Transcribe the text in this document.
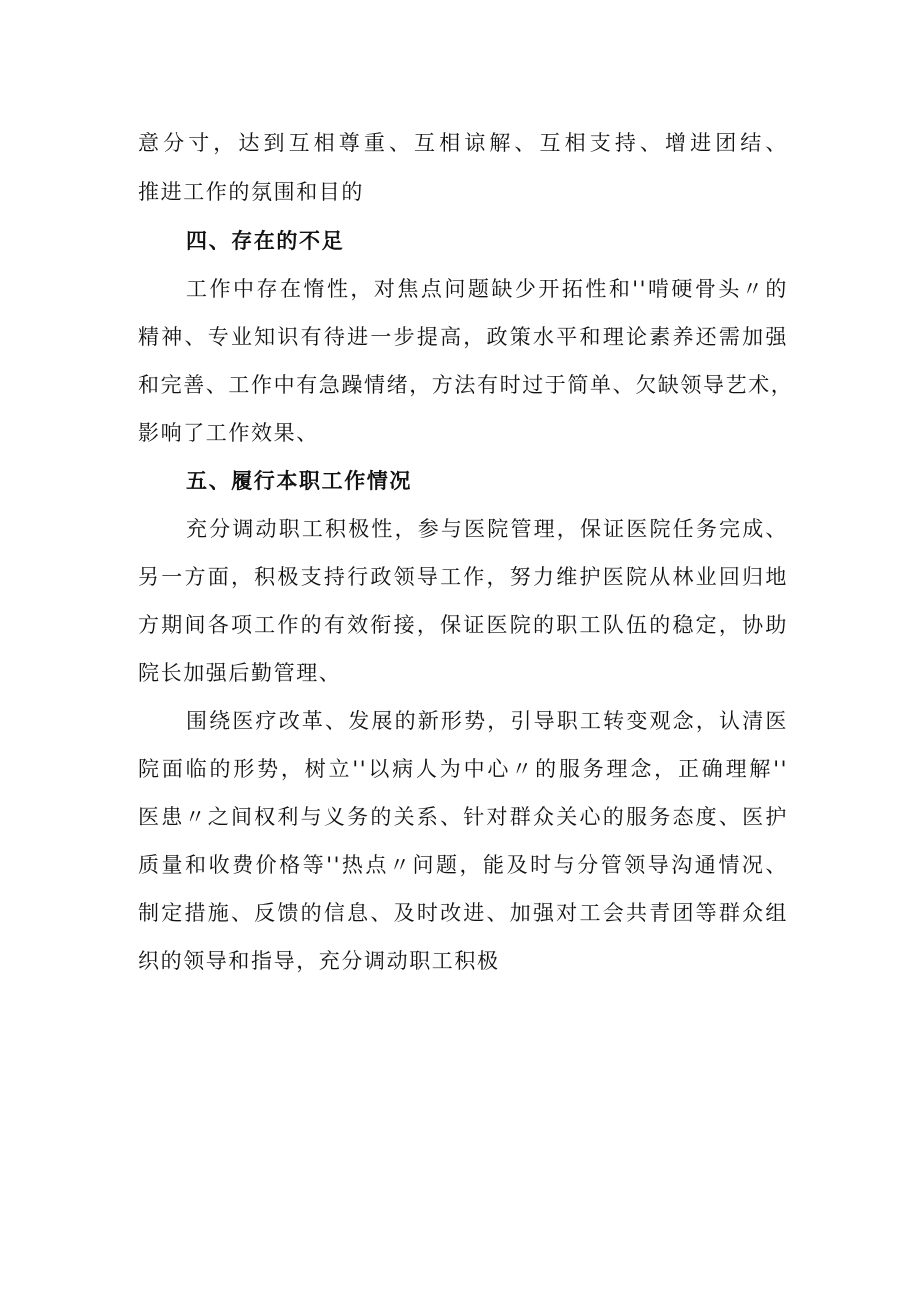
意分寸，达到互相尊重、互相谅解、互相支持、增进团结、
推进工作的氛围和目的
四、存在的不足
工作中存在惰性，对焦点问题缺少开拓性和''啃硬骨头〃的
精神、专业知识有待进一步提高，政策水平和理论素养还需加强
和完善、工作中有急躁情绪，方法有时过于简单、欠缺领导艺术，
影响了工作效果、
五、履行本职工作情况
充分调动职工积极性，参与医院管理，保证医院任务完成、
另一方面，积极支持行政领导工作，努力维护医院从林业回归地
方期间各项工作的有效衔接，保证医院的职工队伍的稳定，协助
院长加强后勤管理、
围绕医疗改革、发展的新形势，引导职工转变观念，认清医
院面临的形势，树立''以病人为中心〃的服务理念，正确理解''
医患〃之间权利与义务的关系、针对群众关心的服务态度、医护
质量和收费价格等''热点〃问题，能及时与分管领导沟通情况、
制定措施、反馈的信息、及时改进、加强对工会共青团等群众组
织的领导和指导，充分调动职工积极
